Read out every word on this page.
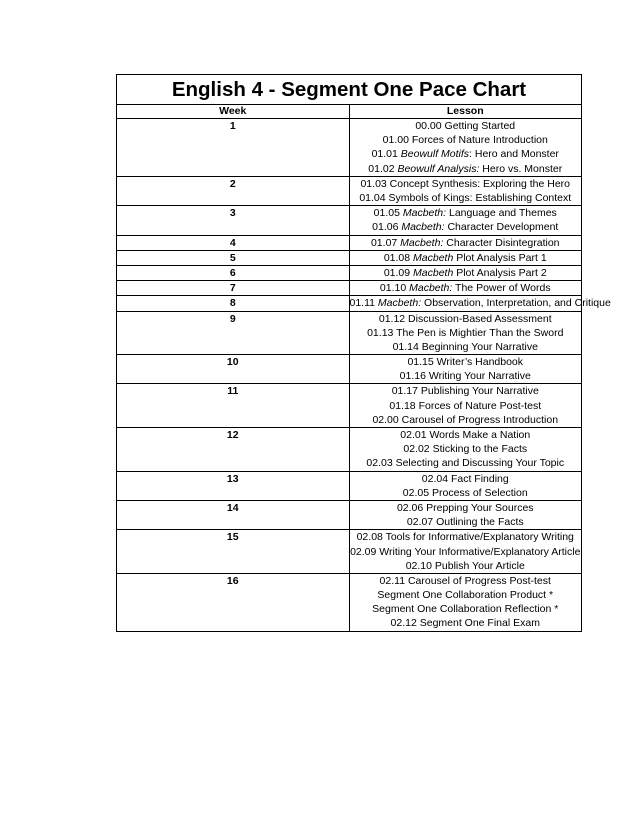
English 4 - Segment One Pace Chart	
Week	Lesson
1	00.00 Getting Started
01.00 Forces of Nature Introduction
01.01 Beowulf Motifs: Hero and Monster
01.02 Beowulf Analysis: Hero vs. Monster

2	01.03 Concept Synthesis: Exploring the Hero
01.04 Symbols of Kings: Establishing Context

3	01.05 Macbeth: Language and Themes
01.06 Macbeth: Character Development

4	01.07 Macbeth: Character Disintegration

5	01.08 Macbeth Plot Analysis Part 1

6	01.09 Macbeth Plot Analysis Part 2

7	01.10 Macbeth: The Power of Words

8	01.11 Macbeth: Observation, Interpretation, and Critique

9	01.12 Discussion-Based Assessment
01.13 The Pen is Mightier Than the Sword
01.14 Beginning Your Narrative

10	01.15 Writer’s Handbook
01.16 Writing Your Narrative

11	01.17 Publishing Your Narrative
01.18 Forces of Nature Post-test
02.00 Carousel of Progress Introduction

12	02.01 Words Make a Nation
02.02 Sticking to the Facts
02.03 Selecting and Discussing Your Topic

13	02.04 Fact Finding
02.05 Process of Selection

14	02.06 Prepping Your Sources
02.07 Outlining the Facts

15	02.08 Tools for Informative/Explanatory Writing
02.09 Writing Your Informative/Explanatory Article
02.10 Publish Your Article

16	02.11 Carousel of Progress Post-test
Segment One Collaboration Product *
Segment One Collaboration Reflection *
02.12 Segment One Final Exam
